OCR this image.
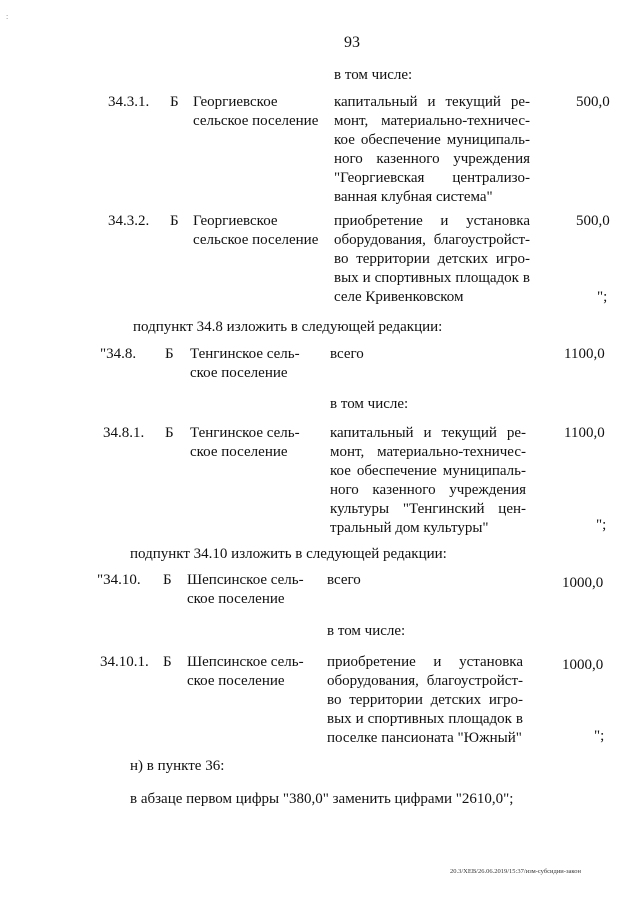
:
93
в том числе:
34.3.1. Б Георгиевское
сельское поселение
капитальный и текущий ре-
монт, материально-техничес-
кое обеспечение муниципаль-
ного казенного учреждения
"Георгиевская централизо-
ванная клубная система"
500,0
34.3.2. Б Георгиевское
сельское поселение
приобретение и установка
оборудования, благоустройст-
во территории детских игро-
вых и спортивных площадок в
селе Кривенковском
500,0
";
подпункт 34.8 изложить в следующей редакции:
"34.8. Б Тенгинское сель-
ское поселение
всего	1100,0
в том числе:
34.8.1. Б Тенгинское сель-
ское поселение
капитальный и текущий ре-
монт, материально-техничес-
кое обеспечение муниципаль-
ного казенного учреждения
культуры "Тенгинский цен-
тральный дом культуры"
1100,0
";
подпункт 34.10 изложить в следующей редакции:
"34.10. Б Шепсинское сель-
ское поселение
всего	1000,0
в том числе:
34.10.1. Б Шепсинское сель-
ское поселение
приобретение и установка
оборудования, благоустройст-
во территории детских игро-
вых и спортивных площадок в
поселке пансионата "Южный"
1000,0
";
н) в пункте 36:
в абзаце первом цифры "380,0" заменить цифрами "2610,0";
20.3/XEB/26.06.2019/15:37/изм-субсидии-закон
